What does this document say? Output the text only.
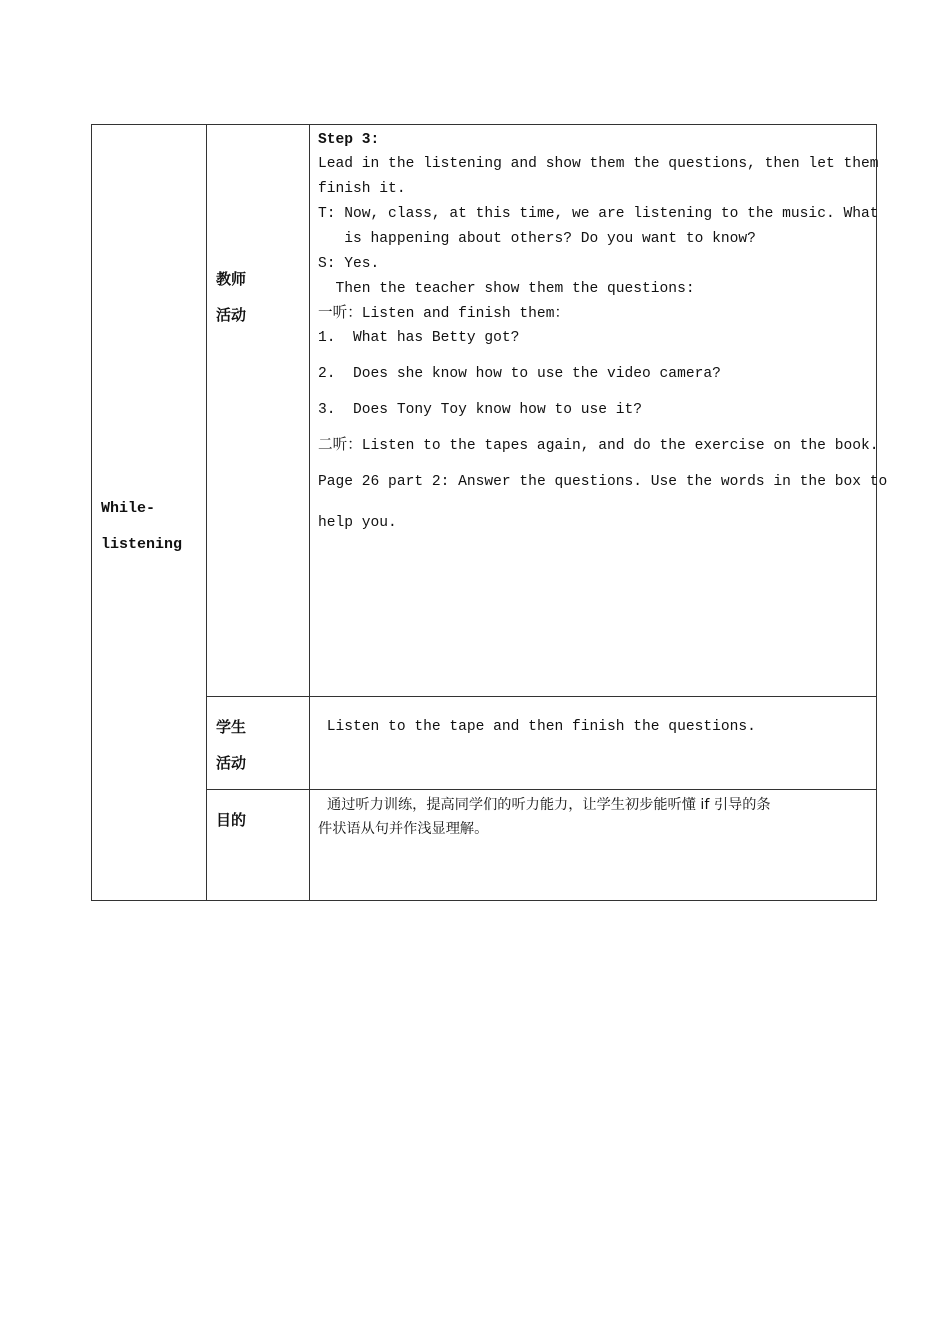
While-
listening
教师
活动
Step 3:
Lead in the listening and show them the questions, then let them
finish it.
T: Now, class, at this time, we are listening to the music. What
is happening about others? Do you want to know?
S: Yes.
Then the teacher show them the questions:
一听：Listen and finish them：
1.  What has Betty got?
2.  Does she know how to use the video camera?
3.  Does Tony Toy know how to use it?
二听：Listen to the tapes again, and do the exercise on the book.
Page 26 part 2: Answer the questions. Use the words in the box to
help you.
学生
活动
Listen to the tape and then finish the questions.
目的
通过听力训练，提高同学们的听力能力，让学生初步能听懂 if 引导的条
件状语从句并作浅显理解。
